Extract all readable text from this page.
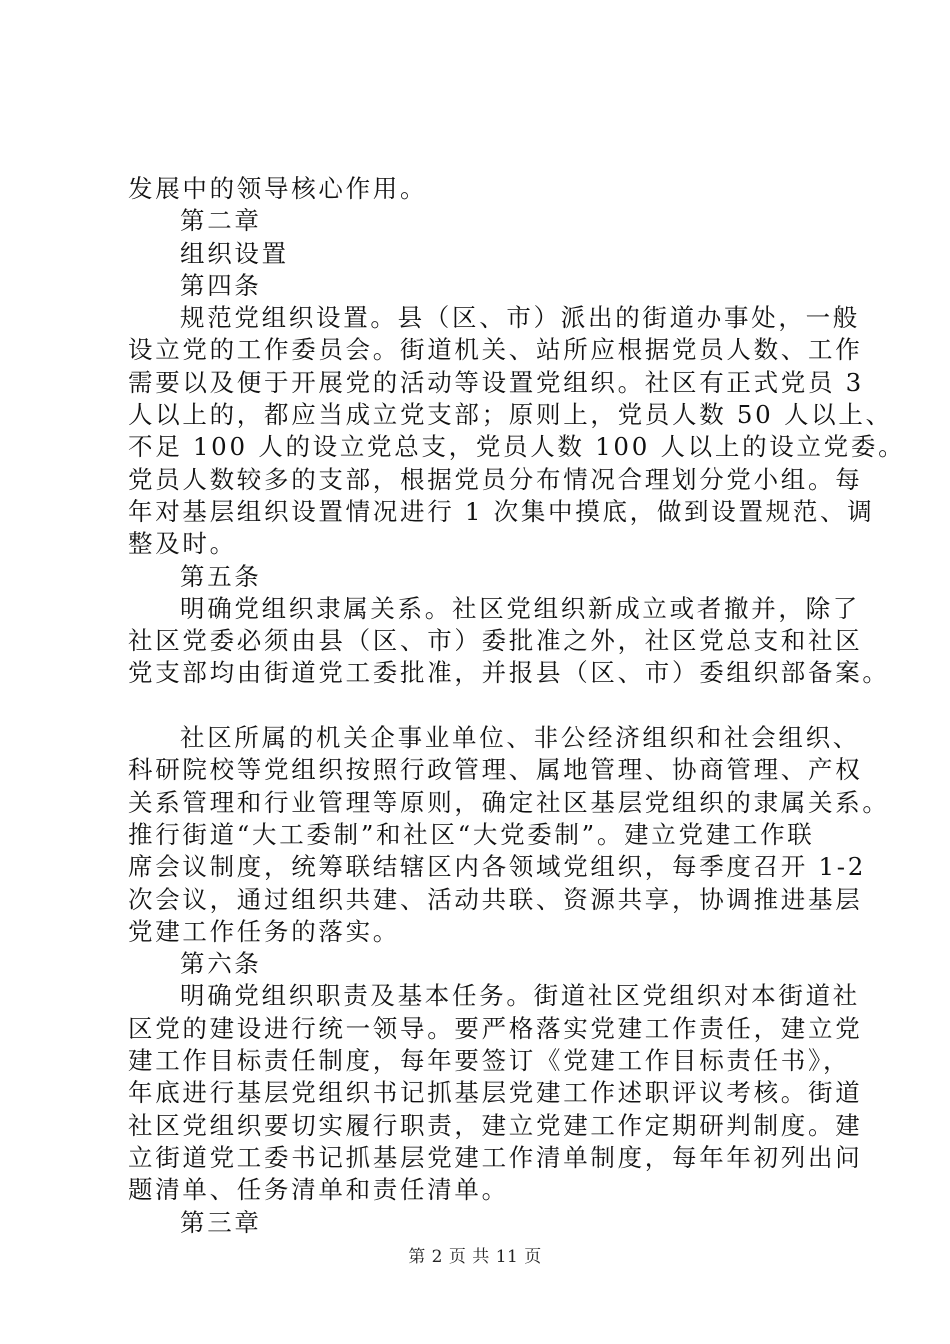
发展中的领导核心作用。
第二章
组织设置
第四条
规范党组织设置。县（区、市）派出的街道办事处，一般
设立党的工作委员会。街道机关、站所应根据党员人数、工作
需要以及便于开展党的活动等设置党组织。社区有正式党员 3
人以上的，都应当成立党支部；原则上，党员人数 50 人以上、
不足 100 人的设立党总支，党员人数 100 人以上的设立党委。
党员人数较多的支部，根据党员分布情况合理划分党小组。每
年对基层组织设置情况进行 1 次集中摸底，做到设置规范、调
整及时。
第五条
明确党组织隶属关系。社区党组织新成立或者撤并，除了
社区党委必须由县（区、市）委批准之外，社区党总支和社区
党支部均由街道党工委批准，并报县（区、市）委组织部备案。
社区所属的机关企事业单位、非公经济组织和社会组织、
科研院校等党组织按照行政管理、属地管理、协商管理、产权
关系管理和行业管理等原则，确定社区基层党组织的隶属关系。
推行街道“大工委制”和社区“大党委制”。建立党建工作联
席会议制度，统筹联结辖区内各领域党组织，每季度召开 1-2
次会议，通过组织共建、活动共联、资源共享，协调推进基层
党建工作任务的落实。
第六条
明确党组织职责及基本任务。街道社区党组织对本街道社
区党的建设进行统一领导。要严格落实党建工作责任，建立党
建工作目标责任制度，每年要签订《党建工作目标责任书》，
年底进行基层党组织书记抓基层党建工作述职评议考核。街道
社区党组织要切实履行职责，建立党建工作定期研判制度。建
立街道党工委书记抓基层党建工作清单制度，每年年初列出问
题清单、任务清单和责任清单。
第三章
第 2 页 共 11 页
